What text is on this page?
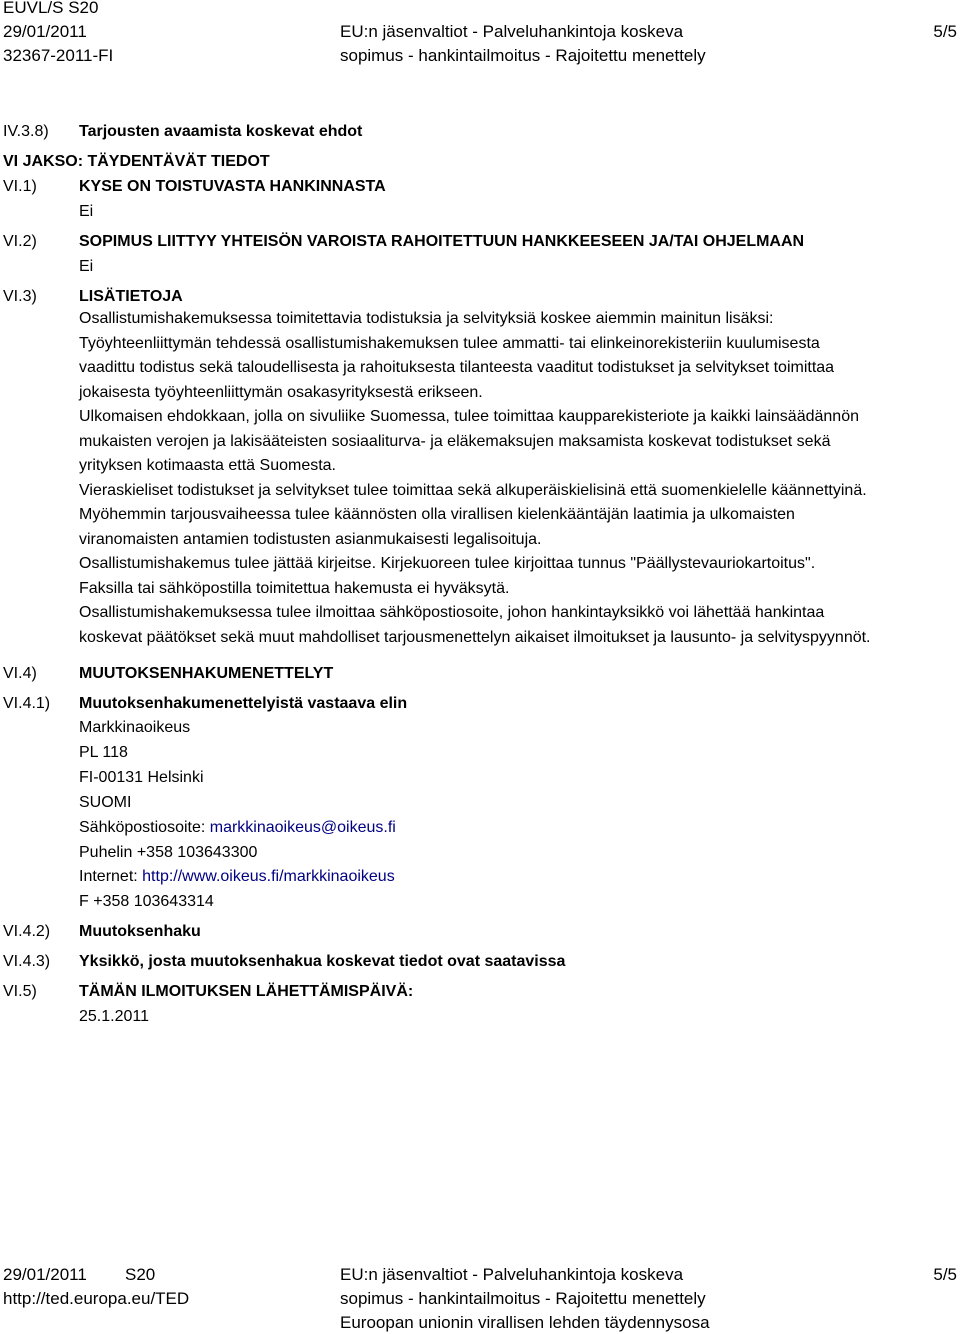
EUVL/S S20
29/01/2011
32367-2011-FI
EU:n jäsenvaltiot - Palveluhankintoja koskeva
sopimus - hankintailmoitus - Rajoitettu menettely
5/5
IV.3.8) Tarjousten avaamista koskevat ehdot
VI JAKSO: TÄYDENTÄVÄT TIEDOT
VI.1)	KYSE ON TOISTUVASTA HANKINNASTA
Ei
VI.2)	SOPIMUS LIITTYY YHTEISÖN VAROISTA RAHOITETTUUN HANKKEESEEN JA/TAI OHJELMAAN
Ei
VI.3)	LISÄTIETOJA
Osallistumishakemuksessa toimitettavia todistuksia ja selvityksiä koskee aiemmin mainitun lisäksi:
Työyhteenliittymän tehdessä osallistumishakemuksen tulee ammatti- tai elinkeinorekisteriin kuulumisesta
vaadittu todistus sekä taloudellisesta ja rahoituksesta tilanteesta vaaditut todistukset ja selvitykset toimittaa
jokaisesta työyhteenliittymän osakasyrityksestä erikseen.
Ulkomaisen ehdokkaan, jolla on sivuliike Suomessa, tulee toimittaa kaupparekisteriote ja kaikki lainsäädännön
mukaisten verojen ja lakisääteisten sosiaaliturva- ja eläkemaksujen maksamista koskevat todistukset sekä
yrityksen kotimaasta että Suomesta.
Vieraskieliset todistukset ja selvitykset tulee toimittaa sekä alkuperäiskielisinä että suomenkielelle käännettyinä.
Myöhemmin tarjousvaiheessa tulee käännösten olla virallisen kielenkääntäjän laatimia ja ulkomaisten
viranomaisten antamien todistusten asianmukaisesti legalisoituja.
Osallistumishakemus tulee jättää kirjeitse. Kirjekuoreen tulee kirjoittaa tunnus "Päällystevauriokartoitus".
Faksilla tai sähköpostilla toimitettua hakemusta ei hyväksytä.
Osallistumishakemuksessa tulee ilmoittaa sähköpostiosoite, johon hankintayksikkö voi lähettää hankintaa
koskevat päätökset sekä muut mahdolliset tarjousmenettelyn aikaiset ilmoitukset ja lausunto- ja selvityspyynnöt.
VI.4)	MUUTOKSENHAKUMENETTELYT
VI.4.1) Muutoksenhakumenettelyistä vastaava elin
Markkinaoikeus
PL 118
FI-00131 Helsinki
SUOMI
Sähköpostiosoite: markkinaoikeus@oikeus.fi
Puhelin +358 103643300
Internet: http://www.oikeus.fi/markkinaoikeus
F +358 103643314
VI.4.2) Muutoksenhaku
VI.4.3) Yksikkö, josta muutoksenhakua koskevat tiedot ovat saatavissa
VI.5)	TÄMÄN ILMOITUKSEN LÄHETTÄMISPÄIVÄ:
25.1.2011
29/01/2011 S20
http://ted.europa.eu/TED
EU:n jäsenvaltiot - Palveluhankintoja koskeva
sopimus - hankintailmoitus - Rajoitettu menettely
Euroopan unionin virallisen lehden täydennysosa
5/5
